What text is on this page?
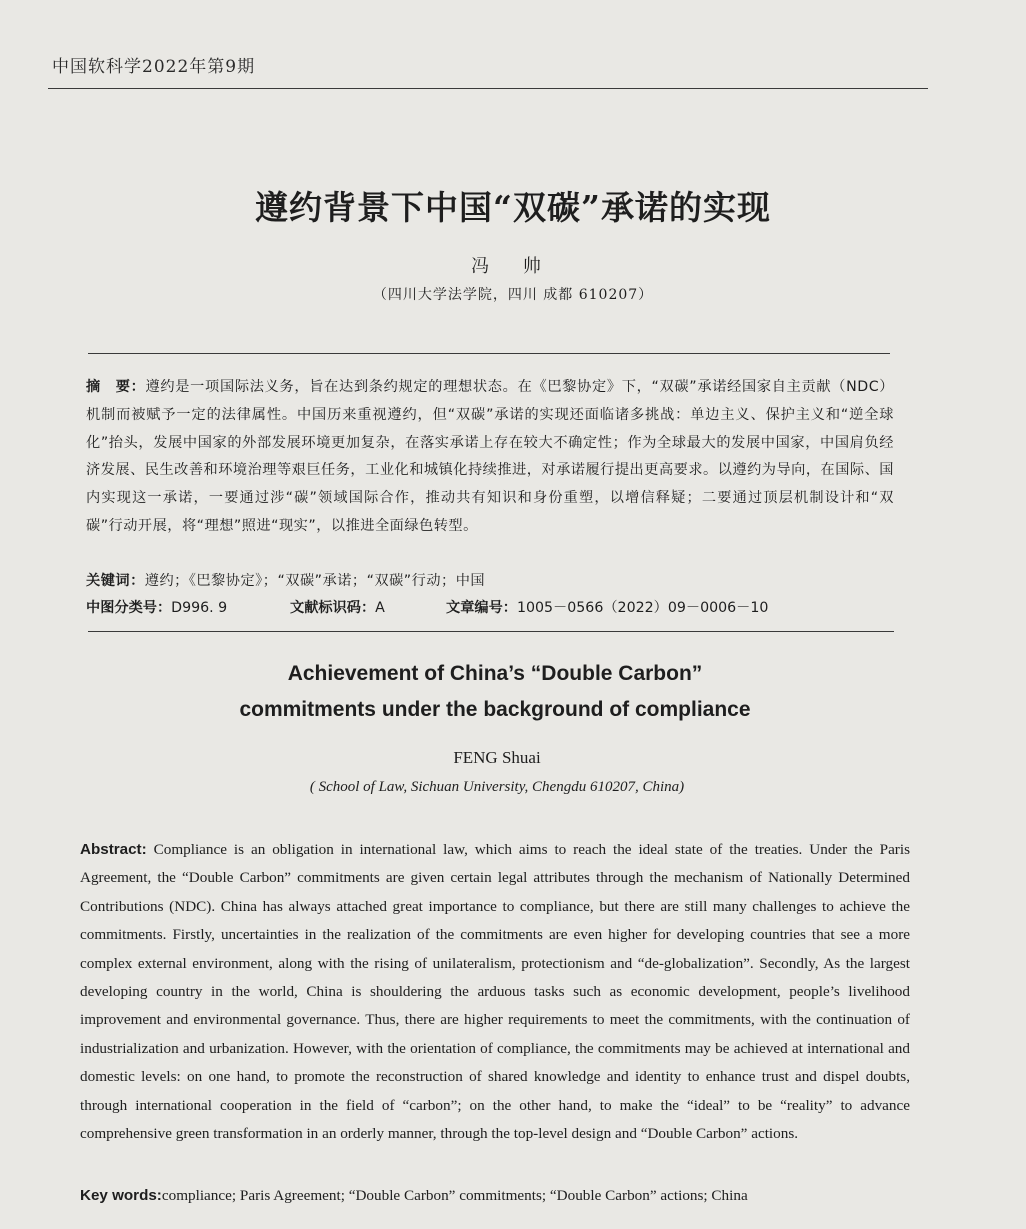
中国软科学2022年第9期
遵约背景下中国“双碳”承诺的实现
冯 帅
（四川大学法学院，四川 成都 610207）
摘　要：遵约是一项国际法义务，旨在达到条约规定的理想状态。在《巴黎协定》下，“双碳”承诺经国家自主贡献（NDC）机制而被赋予一定的法律属性。中国历来重视遵约，但“双碳”承诺的实现还面临诸多挑战：单边主义、保护主义和“逆全球化”抬头，发展中国家的外部发展环境更加复杂，在落实承诺上存在较大不确定性；作为全球最大的发展中国家，中国肩负经济发展、民生改善和环境治理等艰巨任务，工业化和城镇化持续推进，对承诺履行提出更高要求。以遵约为导向，在国际、国内实现这一承诺，一要通过涉“碳”领域国际合作，推动共有知识和身份重塑，以增信释疑；二要通过顶层机制设计和“双碳”行动开展，将“理想”照进“现实”，以推进全面绿色转型。
关键词：遵约；《巴黎协定》；“双碳”承诺；“双碳”行动；中国
中图分类号：D996. 9	文献标识码：A	文章编号：1005－0566（2022）09－0006－10
Achievement of China’s “Double Carbon”
commitments under the background of compliance
FENG Shuai
( School of Law, Sichuan University, Chengdu 610207, China)
Abstract: Compliance is an obligation in international law, which aims to reach the ideal state of the treaties. Under the Paris Agreement, the “Double Carbon” commitments are given certain legal attributes through the mechanism of Nationally Determined Contributions (NDC). China has always attached great importance to compliance, but there are still many challenges to achieve the commitments. Firstly, uncertainties in the realization of the commitments are even higher for developing countries that see a more complex external environment, along with the rising of unilateralism, protectionism and “de-globalization”. Secondly, As the largest developing country in the world, China is shouldering the arduous tasks such as economic development, people’s livelihood improvement and environmental governance. Thus, there are higher requirements to meet the commitments, with the continuation of industrialization and urbanization. However, with the orientation of compliance, the commitments may be achieved at international and domestic levels: on one hand, to promote the reconstruction of shared knowledge and identity to enhance trust and dispel doubts, through international cooperation in the field of “carbon”; on the other hand, to make the “ideal” to be “reality” to advance comprehensive green transformation in an orderly manner, through the top-level design and “Double Carbon” actions.
Key words:compliance; Paris Agreement; “Double Carbon” commitments; “Double Carbon” actions; China
